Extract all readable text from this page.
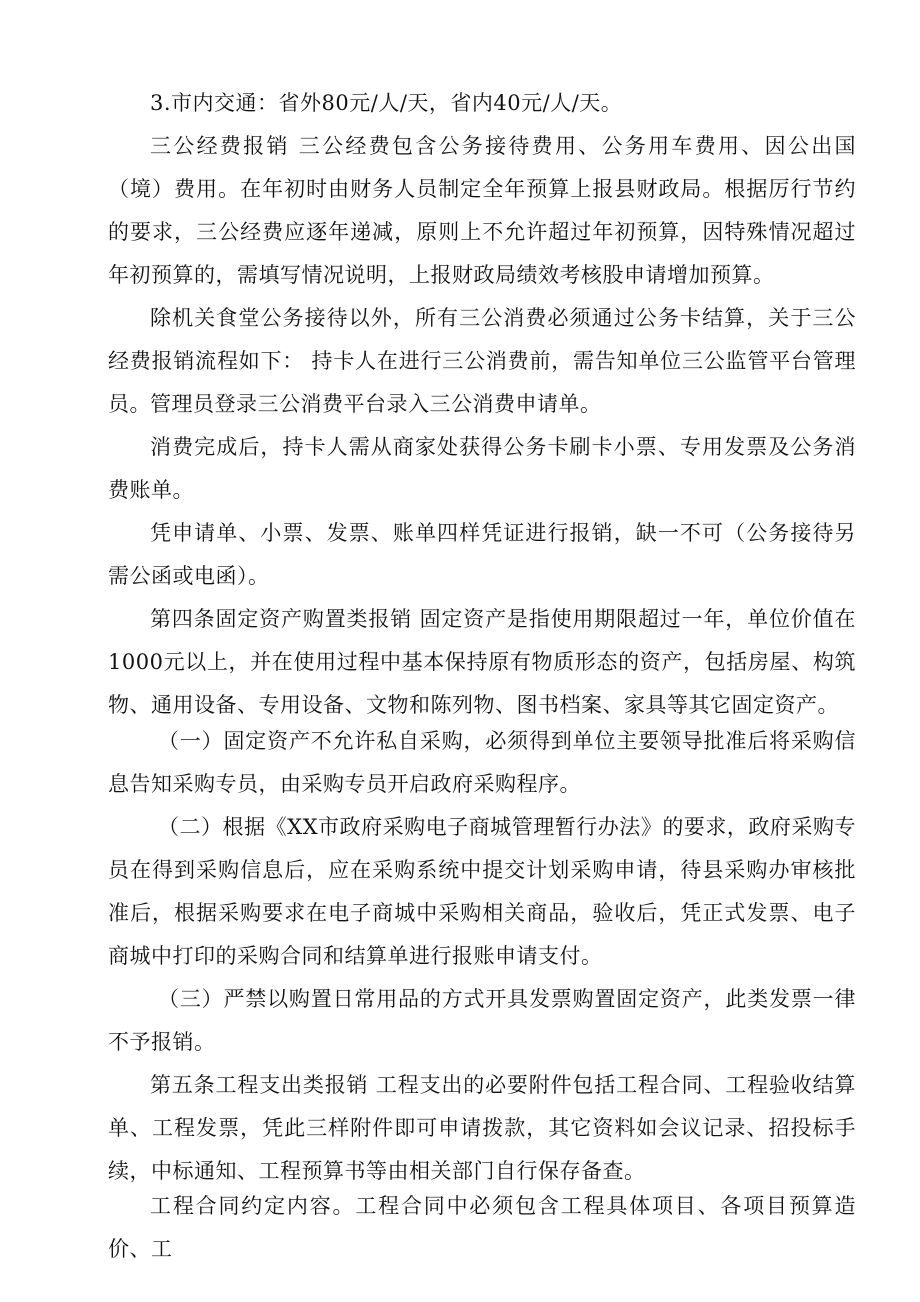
3.市内交通：省外80元/人/天，省内40元/人/天。

三公经费报销 三公经费包含公务接待费用、公务用车费用、因公出国（境）费用。在年初时由财务人员制定全年预算上报县财政局。根据厉行节约的要求，三公经费应逐年递减，原则上不允许超过年初预算，因特殊情况超过年初预算的，需填写情况说明，上报财政局绩效考核股申请增加预算。

除机关食堂公务接待以外，所有三公消费必须通过公务卡结算，关于三公经费报销流程如下： 持卡人在进行三公消费前，需告知单位三公监管平台管理员。 管理员登录三公消费平台录入三公消费申请单。

消费完成后，持卡人需从商家处获得公务卡刷卡小票、专用发票及公务消费账单。

凭申请单、小票、发票、账单四样凭证进行报销，缺一不可（公务接待另需公函或电函）。

第四条固定资产购置类报销 固定资产是指使用期限超过一年，单位价值在1000元以上，并在使用过程中基本保持原有物质形态的资产，包括房屋、构筑物、通用设备、专用设备、文物和陈列物、图书档案、家具等其它固定资产。

（一）固定资产不允许私自采购，必须得到单位主要领导批准后将采购信息告知采购专员，由采购专员开启政府采购程序。

（二）根据《XX市政府采购电子商城管理暂行办法》的要求，政府采购专员在得到采购信息后，应在采购系统中提交计划采购申请，待县采购办审核批准后，根据采购要求在电子商城中采购相关商品，验收后，凭正式发票、电子商城中打印的采购合同和结算单进行报账申请支付。

（三）严禁以购置日常用品的方式开具发票购置固定资产，此类发票一律不予报销。

第五条工程支出类报销 工程支出的必要附件包括工程合同、工程验收结算单、工程发票，凭此三样附件即可申请拨款，其它资料如会议记录、招投标手续，中标通知、工程预算书等由相关部门自行保存备查。

工程合同约定内容。工程合同中必须包含工程具体项目、各项目预算造价、工
